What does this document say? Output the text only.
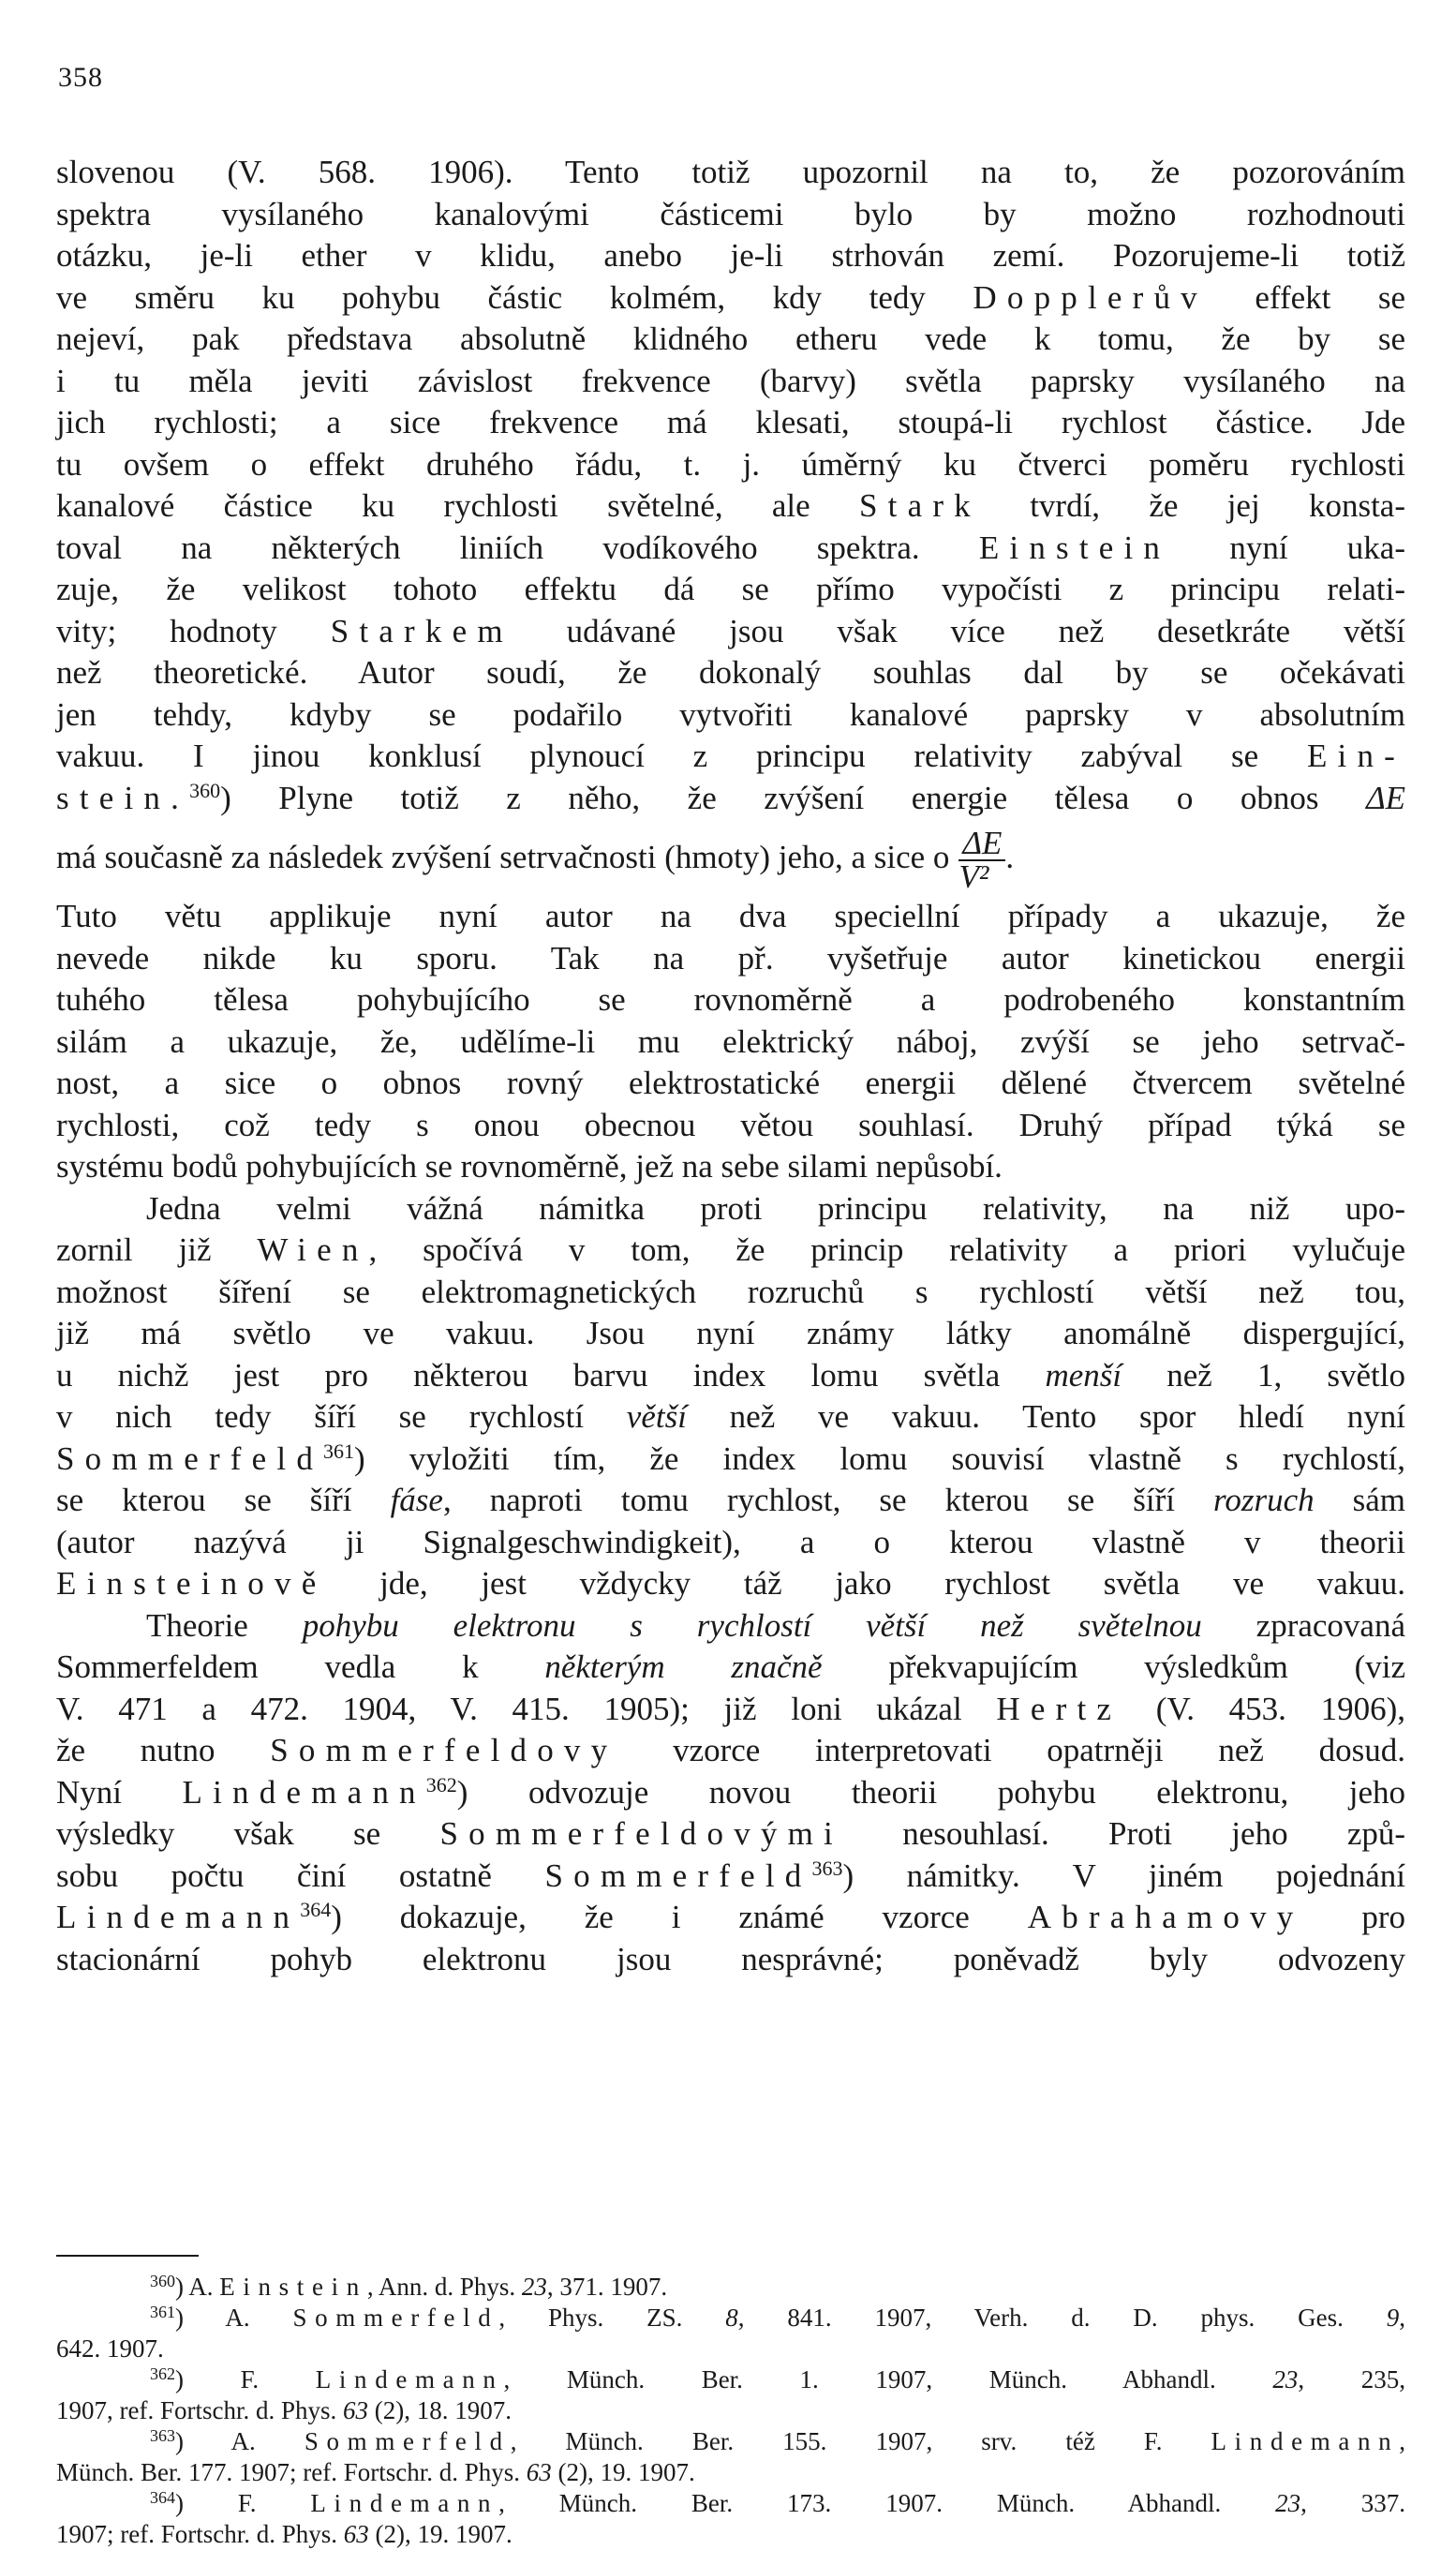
358
slovenou (V. 568. 1906). Tento totiž upozornil na to, že pozorováním
spektra vysílaného kanalovými částicemi bylo by možno rozhodnouti
otázku, je-li ether v klidu, anebo je-li strhován zemí. Pozorujeme-li totiž
ve směru ku pohybu částic kolmém, kdy tedy Dopplerův effekt se
nejeví, pak představa absolutně klidného etheru vede k tomu, že by se
i tu měla jeviti závislost frekvence (barvy) světla paprsky vysílaného na
jich rychlosti; a sice frekvence má klesati, stoupá-li rychlost částice. Jde
tu ovšem o effekt druhého řádu, t. j. úměrný ku čtverci poměru rychlosti
kanalové částice ku rychlosti světelné, ale Stark tvrdí, že jej konsta-
toval na některých liniích vodíkového spektra. Einstein nyní uka-
zuje, že velikost tohoto effektu dá se přímo vypočísti z principu relati-
vity; hodnoty Starkem udávané jsou však více než desetkráte větší
než theoretické. Autor soudí, že dokonalý souhlas dal by se očekávati
jen tehdy, kdyby se podařilo vytvořiti kanalové paprsky v absolutním
vakuu. I jinou konklusí plynoucí z principu relativity zabýval se Ein-
stein.$^{360}$) Plyne totiž z něho, že zvýšení energie tělesa o obnos ΔE
má současně za následek zvýšení setrvačnosti (hmoty) jeho, a sice o $\frac{\Delta E}{\text{V²}}$ .
Tuto větu applikuje nyní autor na dva speciellní případy a ukazuje, že
nevede nikde ku sporu. Tak na př. vyšetřuje autor kinetickou energii
tuhého tělesa pohybujícího se rovnoměrně a podrobeného konstantním
silám a ukazuje, že, udělíme-li mu elektrický náboj, zvýší se jeho setrvač-
nost, a sice o obnos rovný elektrostatické energii dělené čtvercem světelné
rychlosti, což tedy s onou obecnou větou souhlasí. Druhý případ týká se
systému bodů pohybujících se rovnoměrně, jež na sebe silami nepůsobí.
Jedna velmi vážná námitka proti principu relativity, na niž upo-
zornil již Wien, spočívá v tom, že princip relativity a priori vylučuje
možnost šíření se elektromagnetických rozruchů s rychlostí větší než tou,
již má světlo ve vakuu. Jsou nyní známy látky anomálně dispergující,
u nichž jest pro některou barvu index lomu světla menší než 1, světlo
v nich tedy šíří se rychlostí větší než ve vakuu. Tento spor hledí nyní
Sommerfeld$^{361}$) vyložiti tím, že index lomu souvisí vlastně s rychlostí,
se kterou se šíří fáse, naproti tomu rychlost, se kterou se šíří rozruch sám
(autor nazývá ji Signalgeschwindigkeit), a o kterou vlastně v theorii
Einsteinově jde, jest vždycky táž jako rychlost světla ve vakuu.
Theorie pohybu elektronu s rychlostí větší než světelnou zpracovaná
Sommerfeldem vedla k některým značně překvapujícím výsledkům (viz
V. 471 a 472. 1904, V. 415. 1905); již loni ukázal Hertz (V. 453. 1906),
že nutno Sommerfeldovy vzorce interpretovati opatrněji než dosud.
Nyní Lindemann$^{362}$) odvozuje novou theorii pohybu elektronu, jeho
výsledky však se Sommerfeldovými nesouhlasí. Proti jeho způ-
sobu počtu činí ostatně Sommerfeld$^{363}$) námitky. V jiném pojednání
Lindemann$^{364}$) dokazuje, že i známé vzorce Abrahamovy pro
stacionární pohyb elektronu jsou nesprávné; poněvadž byly odvozeny
$^{360}$) A. Einstein, Ann. d. Phys. 23, 371. 1907.
$^{361}$) A. Sommerfeld, Phys. ZS. 8, 841. 1907, Verh. d. D. phys. Ges. 9,
642. 1907.
$^{362}$) F. Lindemann, Münch. Ber. 1. 1907, Münch. Abhandl. 23, 235,
1907, ref. Fortschr. d. Phys. 63 (2), 18. 1907.
$^{363}$) A. Sommerfeld, Münch. Ber. 155. 1907, srv. též F. Lindemann,
Münch. Ber. 177. 1907; ref. Fortschr. d. Phys. 63 (2), 19. 1907.
$^{364}$) F. Lindemann, Münch. Ber. 173. 1907. Münch. Abhandl. 23, 337.
1907; ref. Fortschr. d. Phys. 63 (2), 19. 1907.
